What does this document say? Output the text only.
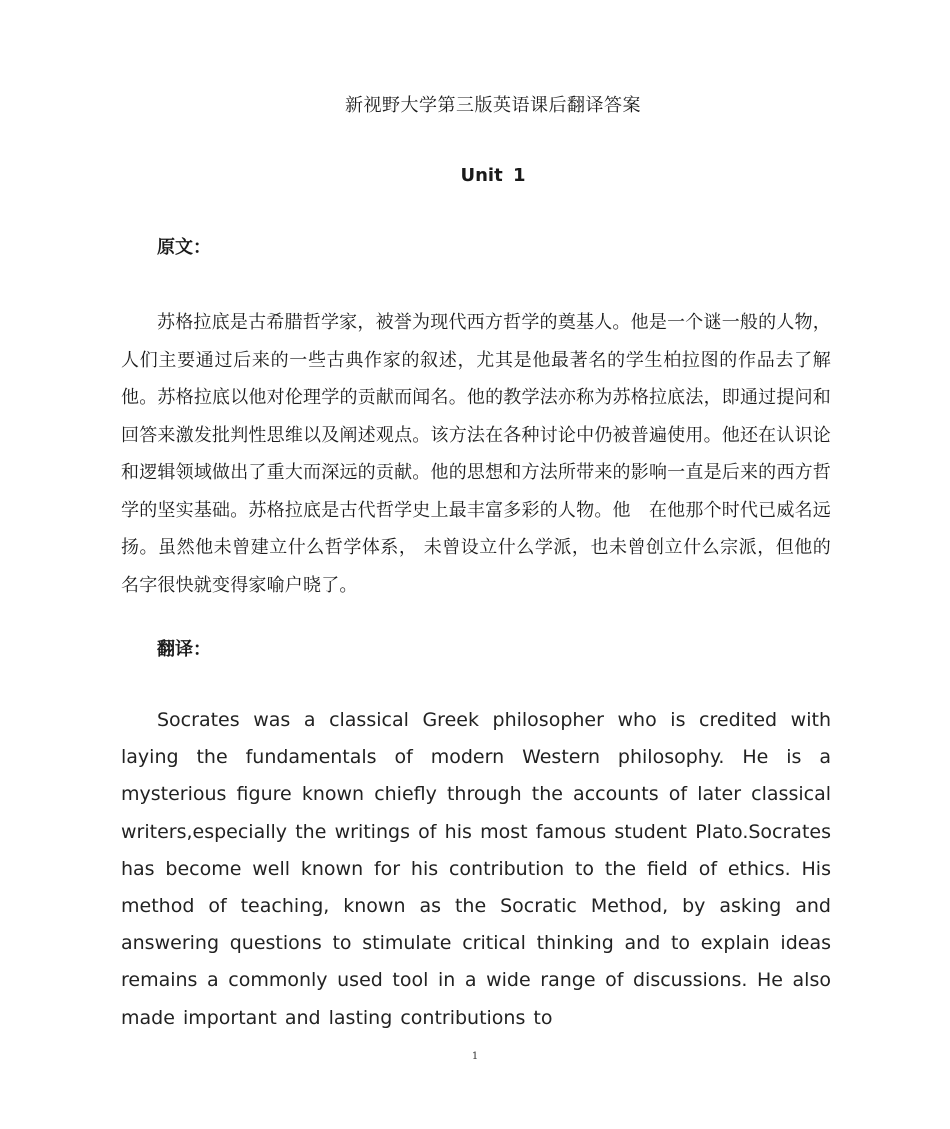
新视野大学第三版英语课后翻译答案
Unit 1
原文：

苏格拉底是古希腊哲学家，被誉为现代西方哲学的奠基人。他是一个谜一般的人物，人们主要通过后来的一些古典作家的叙述，尤其是他最著名的学生柏拉图的作品去了解他。苏格拉底以他对伦理学的贡献而闻名。他的教学法亦称为苏格拉底法，即通过提问和回答来激发批判性思维以及阐述观点。该方法在各种讨论中仍被普遍使用。他还在认识论和逻辑领域做出了重大而深远的贡献。他的思想和方法所带来的影响一直是后来的西方哲学的坚实基础。苏格拉底是古代哲学史上最丰富多彩的人物。他　在他那个时代已威名远扬。虽然他未曾建立什么哲学体系， 未曾设立什么学派，也未曾创立什么宗派，但他的名字很快就变得家喻户晓了。

翻译：

Socrates was a classical Greek philosopher who is credited with laying the fundamentals of modern Western philosophy. He is a mysterious figure known chiefly through the accounts of later classical writers,especially the writings of his most famous student Plato.Socrates has become well known for his contribution to the field of ethics. His method of teaching, known as the Socratic Method, by asking and answering questions to stimulate critical thinking and to explain ideas remains a commonly used tool in a wide range of discussions. He also made important and lasting contributions to

1
